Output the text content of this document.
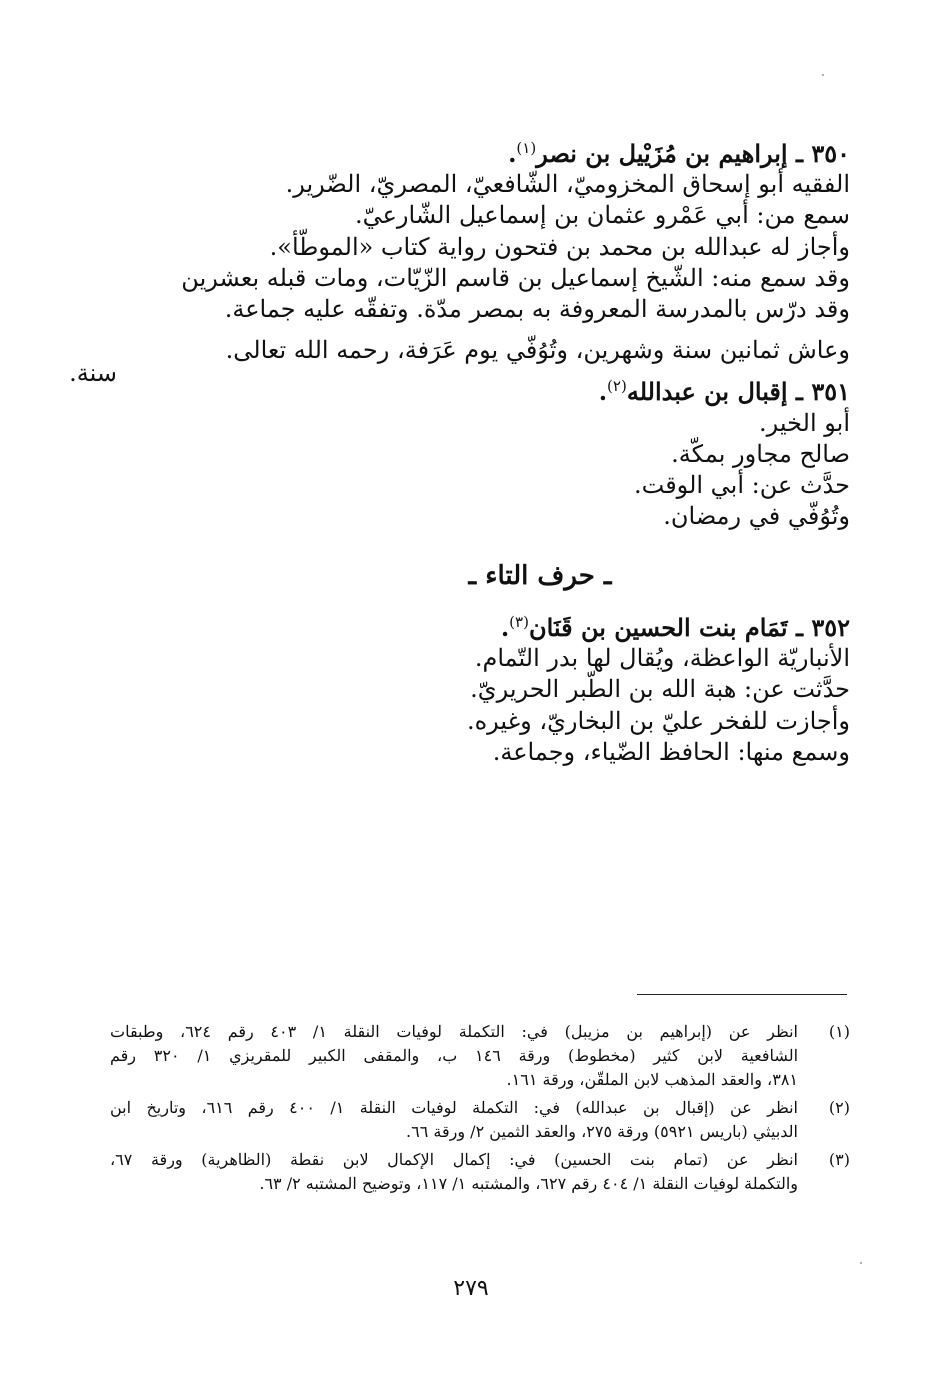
٣٥٠ ـ إبراهيم بن مُزَيْيل بن نصر$^{(١)}$.
الفقيه أبو إسحاق المخزوميّ، الشّافعيّ، المصريّ، الضّرير.
سمع من: أبي عَمْرو عثمان بن إسماعيل الشّارعيّ.
وأجاز له عبدالله بن محمد بن فتحون رواية كتاب «الموطّأ».
وقد سمع منه: الشّيخ إسماعيل بن قاسم الزّيّات، ومات قبله بعشرين
وقد درّس بالمدرسة المعروفة به بمصر مدّة. وتفقّه عليه جماعة.
وعاش ثمانين سنة وشهرين، وتُوُفّي يوم عَرَفة، رحمه الله تعالى.
٣٥١ ـ إقبال بن عبدالله$^{(٢)}$.
أبو الخير.
صالح مجاور بمكّة.
حدَّث عن: أبي الوقت.
وتُوُفّي في رمضان.
ـ حرف التاء ـ
٣٥٢ ـ تَمَام بنت الحسين بن قَنَان$^{(٣)}$.
الأنباريّة الواعظة، ويُقال لها بدر التّمام.
حدَّثت عن: هبة الله بن الطّبر الحريريّ.
وأجازت للفخر عليّ بن البخاريّ، وغيره.
وسمع منها: الحافظ الضّياء، وجماعة.
سنة.
(١)
انظر عن (إبراهيم بن مزيبل) في: التكملة لوفيات النقلة ١/ ٤٠٣ رقم ٦٢٤، وطبقات
الشافعية لابن كثير (مخطوط) ورقة ١٤٦ ب، والمقفى الكبير للمقريزي ١/ ٣٢٠ رقم
٣٨١، والعقد المذهب لابن الملقّن، ورقة ١٦١.
(٢)
انظر عن (إقبال بن عبدالله) في: التكملة لوفيات النقلة ١/ ٤٠٠ رقم ٦١٦، وتاريخ ابن
الدبيثي (باريس ٥٩٢١) ورقة ٢٧٥، والعقد الثمين ٢/ ورقة ٦٦.
(٣)
انظر عن (تمام بنت الحسين) في: إكمال الإكمال لابن نقطة (الظاهرية) ورقة ٦٧،
والتكملة لوفيات النقلة ١/ ٤٠٤ رقم ٦٢٧، والمشتبه ١/ ١١٧، وتوضيح المشتبه ٢/ ٦٣.
٢٧٩
